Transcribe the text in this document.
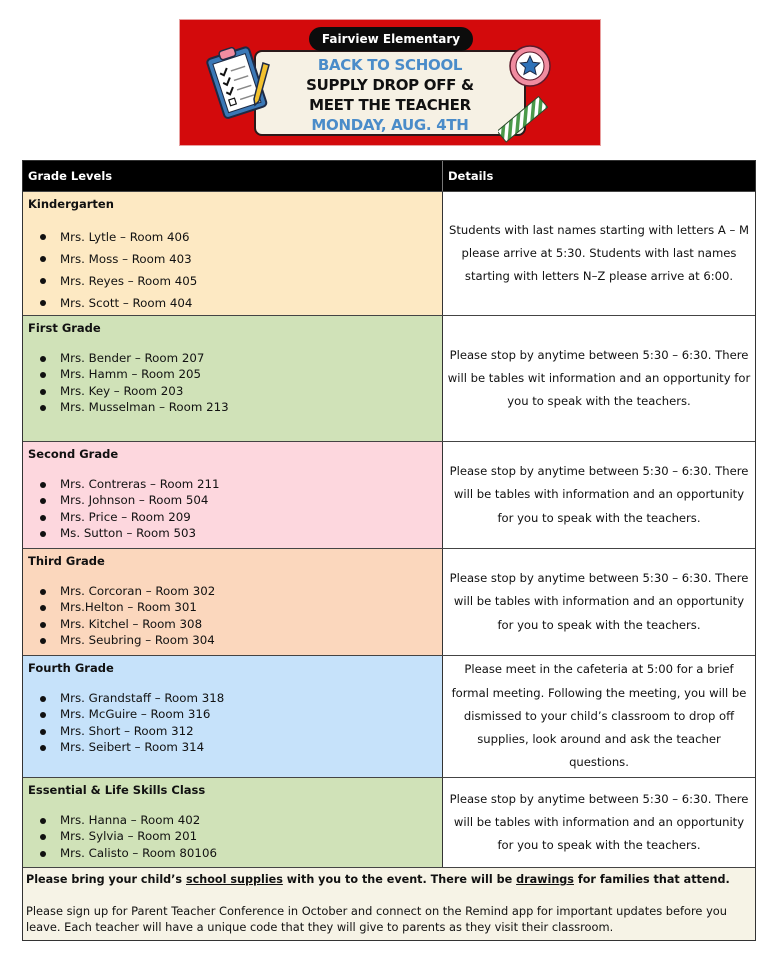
Fairview Elementary
BACK TO SCHOOL
SUPPLY DROP OFF &
MEET THE TEACHER
MONDAY, AUG. 4TH
Grade Levels	Details
Kindergarten
Mrs. Lytle – Room 406
Mrs. Moss – Room 403
Mrs. Reyes – Room 405
Mrs. Scott – Room 404
Students with last names starting with letters A – M please arrive at 5:30. Students with last names starting with letters N–Z please arrive at 6:00.
First Grade
Mrs. Bender – Room 207
Mrs. Hamm – Room 205
Mrs. Key – Room 203
Mrs. Musselman – Room 213
Please stop by anytime between 5:30 – 6:30. There will be tables wit information and an opportunity for you to speak with the teachers.
Second Grade
Mrs. Contreras – Room 211
Mrs. Johnson – Room 504
Mrs. Price – Room 209
Ms. Sutton – Room 503
Please stop by anytime between 5:30 – 6:30. There will be tables with information and an opportunity for you to speak with the teachers.
Third Grade
Mrs. Corcoran – Room 302
Mrs.Helton – Room 301
Mrs. Kitchel – Room 308
Mrs. Seubring – Room 304
Please stop by anytime between 5:30 – 6:30. There will be tables with information and an opportunity for you to speak with the teachers.
Fourth Grade
Mrs. Grandstaff – Room 318
Mrs. McGuire – Room 316
Mrs. Short – Room 312
Mrs. Seibert – Room 314
Please meet in the cafeteria at 5:00 for a brief formal meeting. Following the meeting, you will be dismissed to your child’s classroom to drop off supplies, look around and ask the teacher questions.
Essential & Life Skills Class
Mrs. Hanna – Room 402
Mrs. Sylvia – Room 201
Mrs. Calisto – Room 80106
Please stop by anytime between 5:30 – 6:30. There will be tables with information and an opportunity for you to speak with the teachers.
Please bring your child’s school supplies with you to the event. There will be drawings for families that attend.
Please sign up for Parent Teacher Conference in October and connect on the Remind app for important updates before you leave. Each teacher will have a unique code that they will give to parents as they visit their classroom.
